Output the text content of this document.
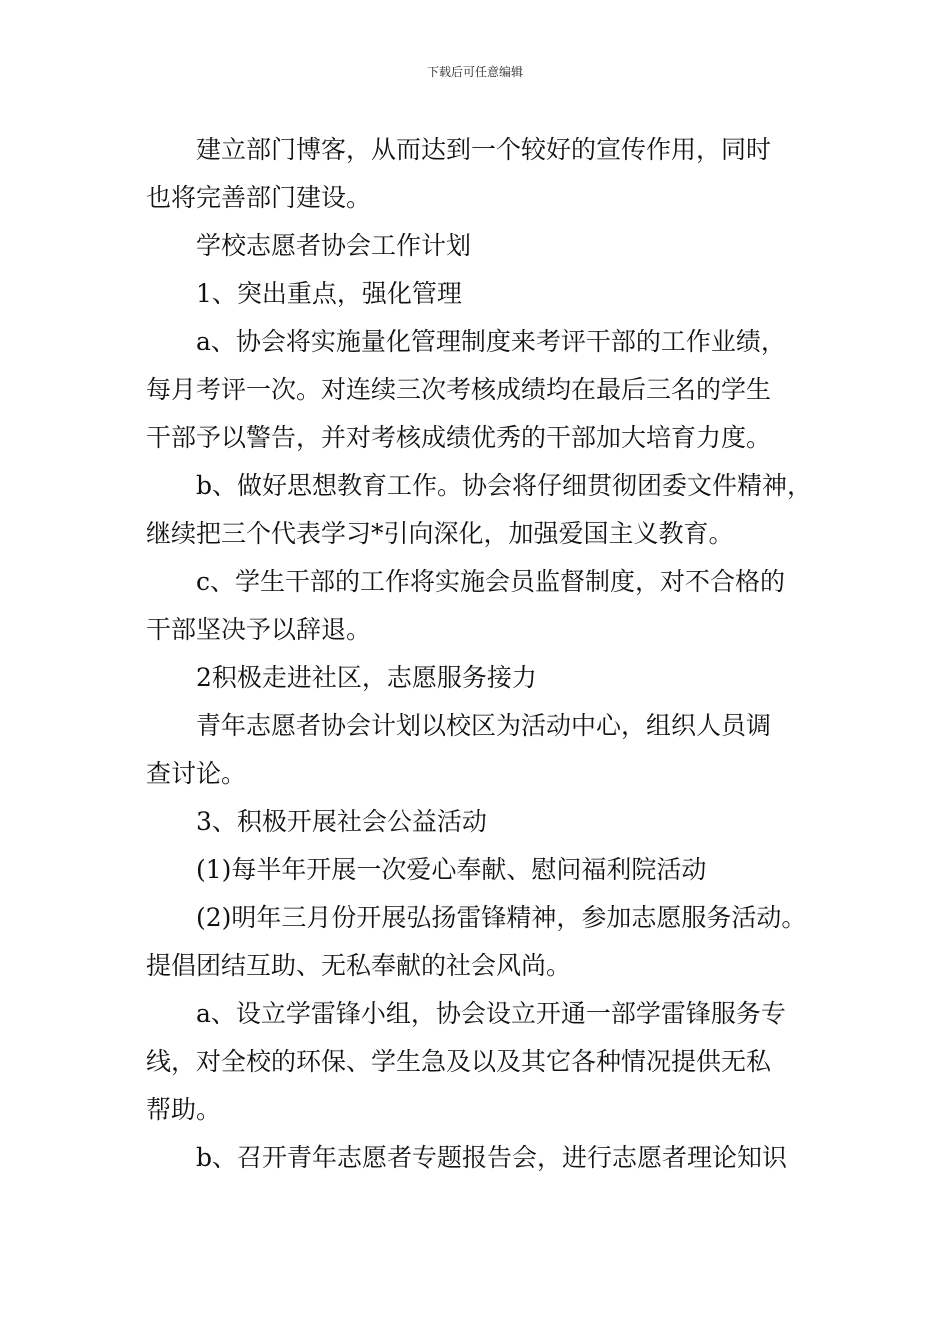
下载后可任意编辑

建立部门博客，从而达到一个较好的宣传作用，同时
也将完善部门建设。

学校志愿者协会工作计划

1、突出重点，强化管理

a、协会将实施量化管理制度来考评干部的工作业绩，
每月考评一次。对连续三次考核成绩均在最后三名的学生
干部予以警告，并对考核成绩优秀的干部加大培育力度。

b、做好思想教育工作。协会将仔细贯彻团委文件精神，
继续把三个代表学习*引向深化，加强爱国主义教育。

c、学生干部的工作将实施会员监督制度，对不合格的
干部坚决予以辞退。

2积极走进社区，志愿服务接力

青年志愿者协会计划以校区为活动中心，组织人员调
查讨论。

3、积极开展社会公益活动

(1)每半年开展一次爱心奉献、慰问福利院活动

(2)明年三月份开展弘扬雷锋精神，参加志愿服务活动。
提倡团结互助、无私奉献的社会风尚。

a、设立学雷锋小组，协会设立开通一部学雷锋服务专
线，对全校的环保、学生急及以及其它各种情况提供无私
帮助。

b、召开青年志愿者专题报告会，进行志愿者理论知识
